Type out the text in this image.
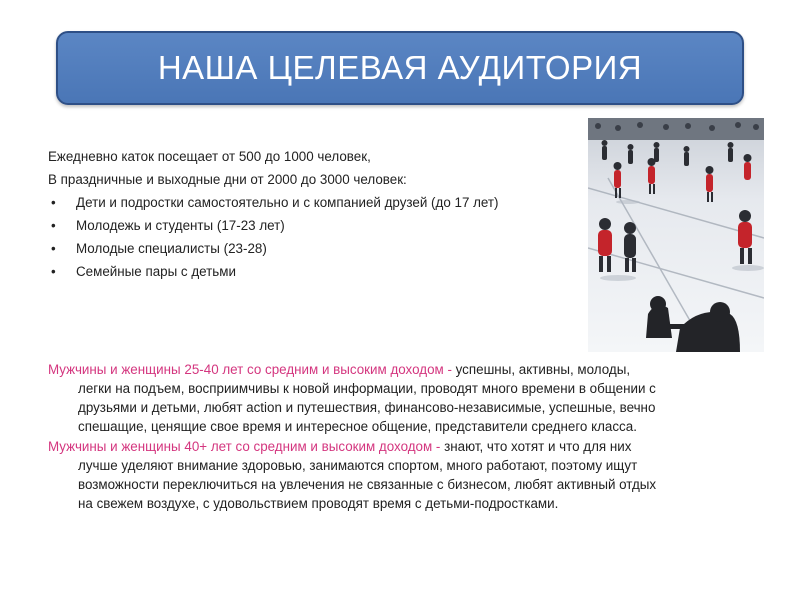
НАША ЦЕЛЕВАЯ АУДИТОРИЯ
Ежедневно каток посещает от 500 до 1000 человек,
В праздничные и выходные дни от 2000 до 3000 человек:
• Дети и подростки самостоятельно и с компанией друзей (до 17 лет)
• Молодежь и студенты (17-23 лет)
• Молодые специалисты (23-28)
• Семейные пары с детьми
Мужчины и женщины 25-40 лет со средним и высоким доходом - успешны, активны, молоды,
легки на подъем, восприимчивы к новой информации, проводят много времени в общении с
друзьями и детьми, любят action и путешествия, финансово-независимые, успешные, вечно
спешащие, ценящие свое время и интересное общение, представители среднего класса.
Мужчины и женщины 40+ лет со средним и высоким доходом - знают, что хотят и что для них
лучше уделяют внимание здоровью, занимаются спортом, много работают, поэтому ищут
возможности переключиться на увлечения не связанные с бизнесом, любят активный отдых
на свежем воздухе, с удовольствием проводят время с детьми-подростками.
